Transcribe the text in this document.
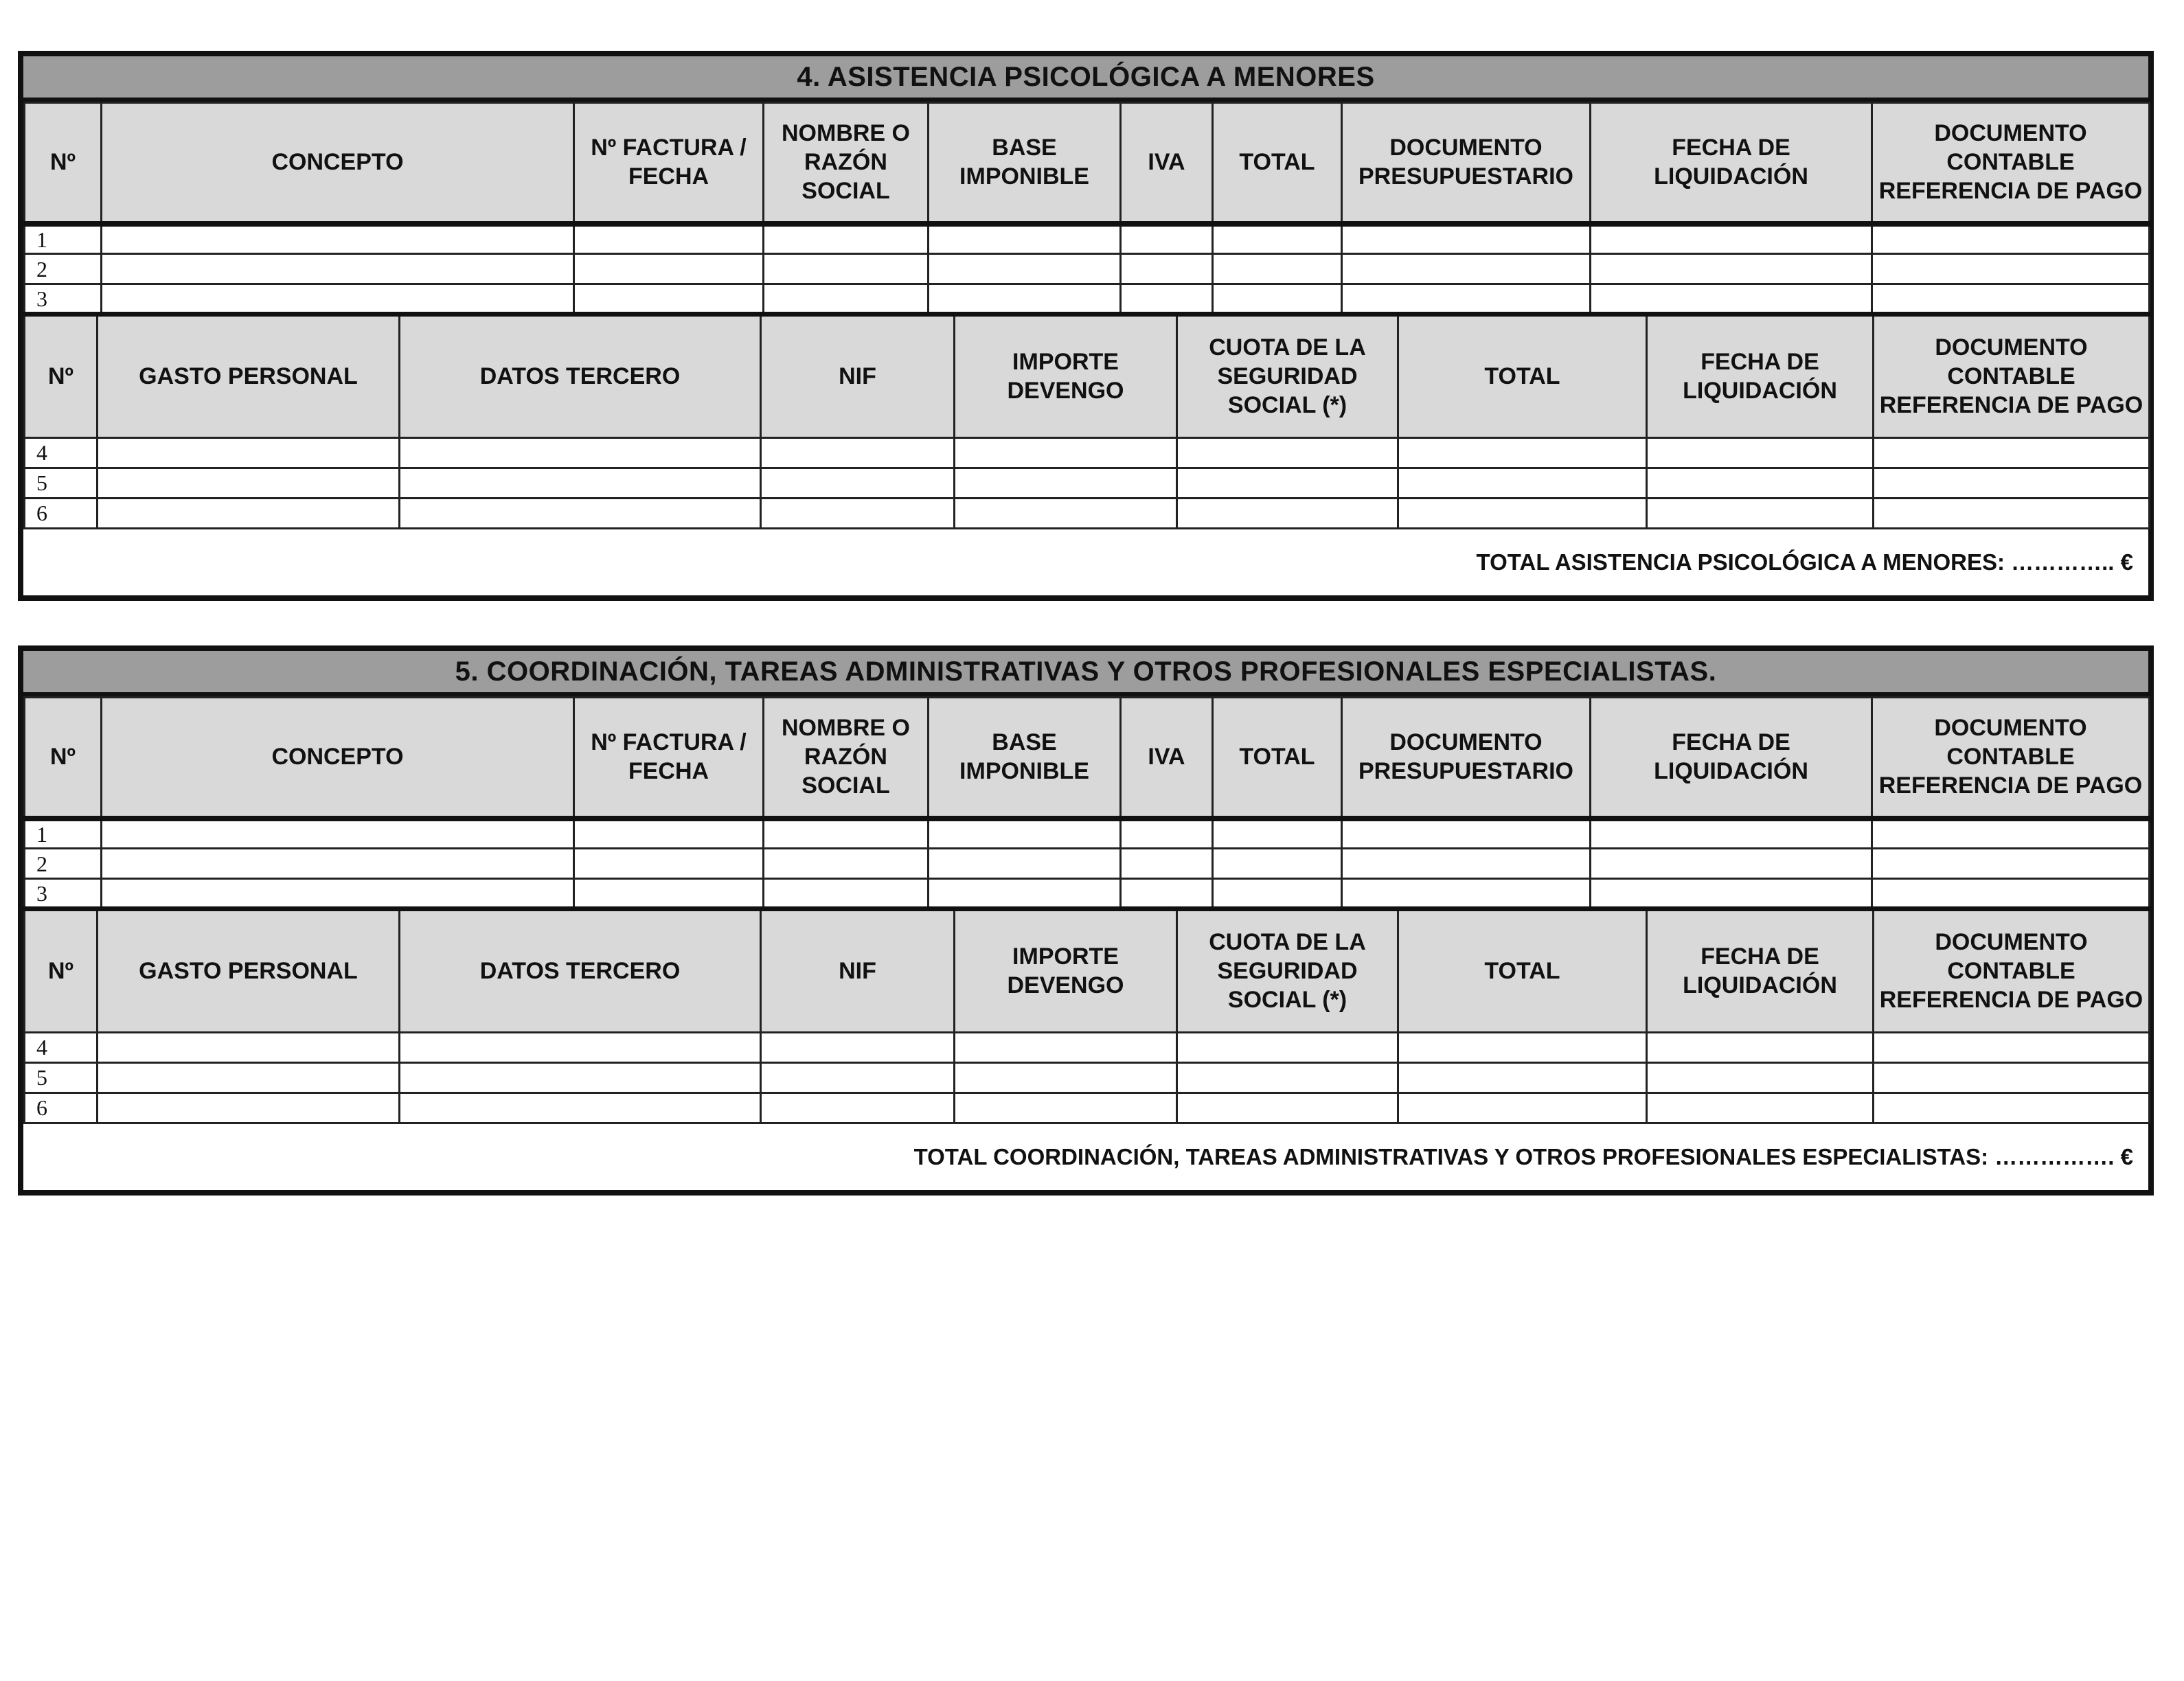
4. ASISTENCIA PSICOLÓGICA A MENORES
Nº	CONCEPTO	Nº FACTURA / FECHA	NOMBRE O RAZÓN SOCIAL	BASE IMPONIBLE	IVA	TOTAL	DOCUMENTO PRESUPUESTARIO	FECHA DE LIQUIDACIÓN	DOCUMENTO CONTABLE REFERENCIA DE PAGO
1									
2									
3									
Nº	GASTO PERSONAL	DATOS TERCERO	NIF	IMPORTE DEVENGO	CUOTA DE LA SEGURIDAD SOCIAL (*)	TOTAL	FECHA DE LIQUIDACIÓN	DOCUMENTO CONTABLE REFERENCIA DE PAGO
4								
5								
6								
TOTAL ASISTENCIA PSICOLÓGICA A MENORES: ………….. €
5. COORDINACIÓN, TAREAS ADMINISTRATIVAS Y OTROS PROFESIONALES ESPECIALISTAS.
Nº	CONCEPTO	Nº FACTURA / FECHA	NOMBRE O RAZÓN SOCIAL	BASE IMPONIBLE	IVA	TOTAL	DOCUMENTO PRESUPUESTARIO	FECHA DE LIQUIDACIÓN	DOCUMENTO CONTABLE REFERENCIA DE PAGO
1									
2									
3									
Nº	GASTO PERSONAL	DATOS TERCERO	NIF	IMPORTE DEVENGO	CUOTA DE LA SEGURIDAD SOCIAL (*)	TOTAL	FECHA DE LIQUIDACIÓN	DOCUMENTO CONTABLE REFERENCIA DE PAGO
4								
5								
6								
TOTAL COORDINACIÓN, TAREAS ADMINISTRATIVAS Y OTROS PROFESIONALES ESPECIALISTAS: ……………. €
